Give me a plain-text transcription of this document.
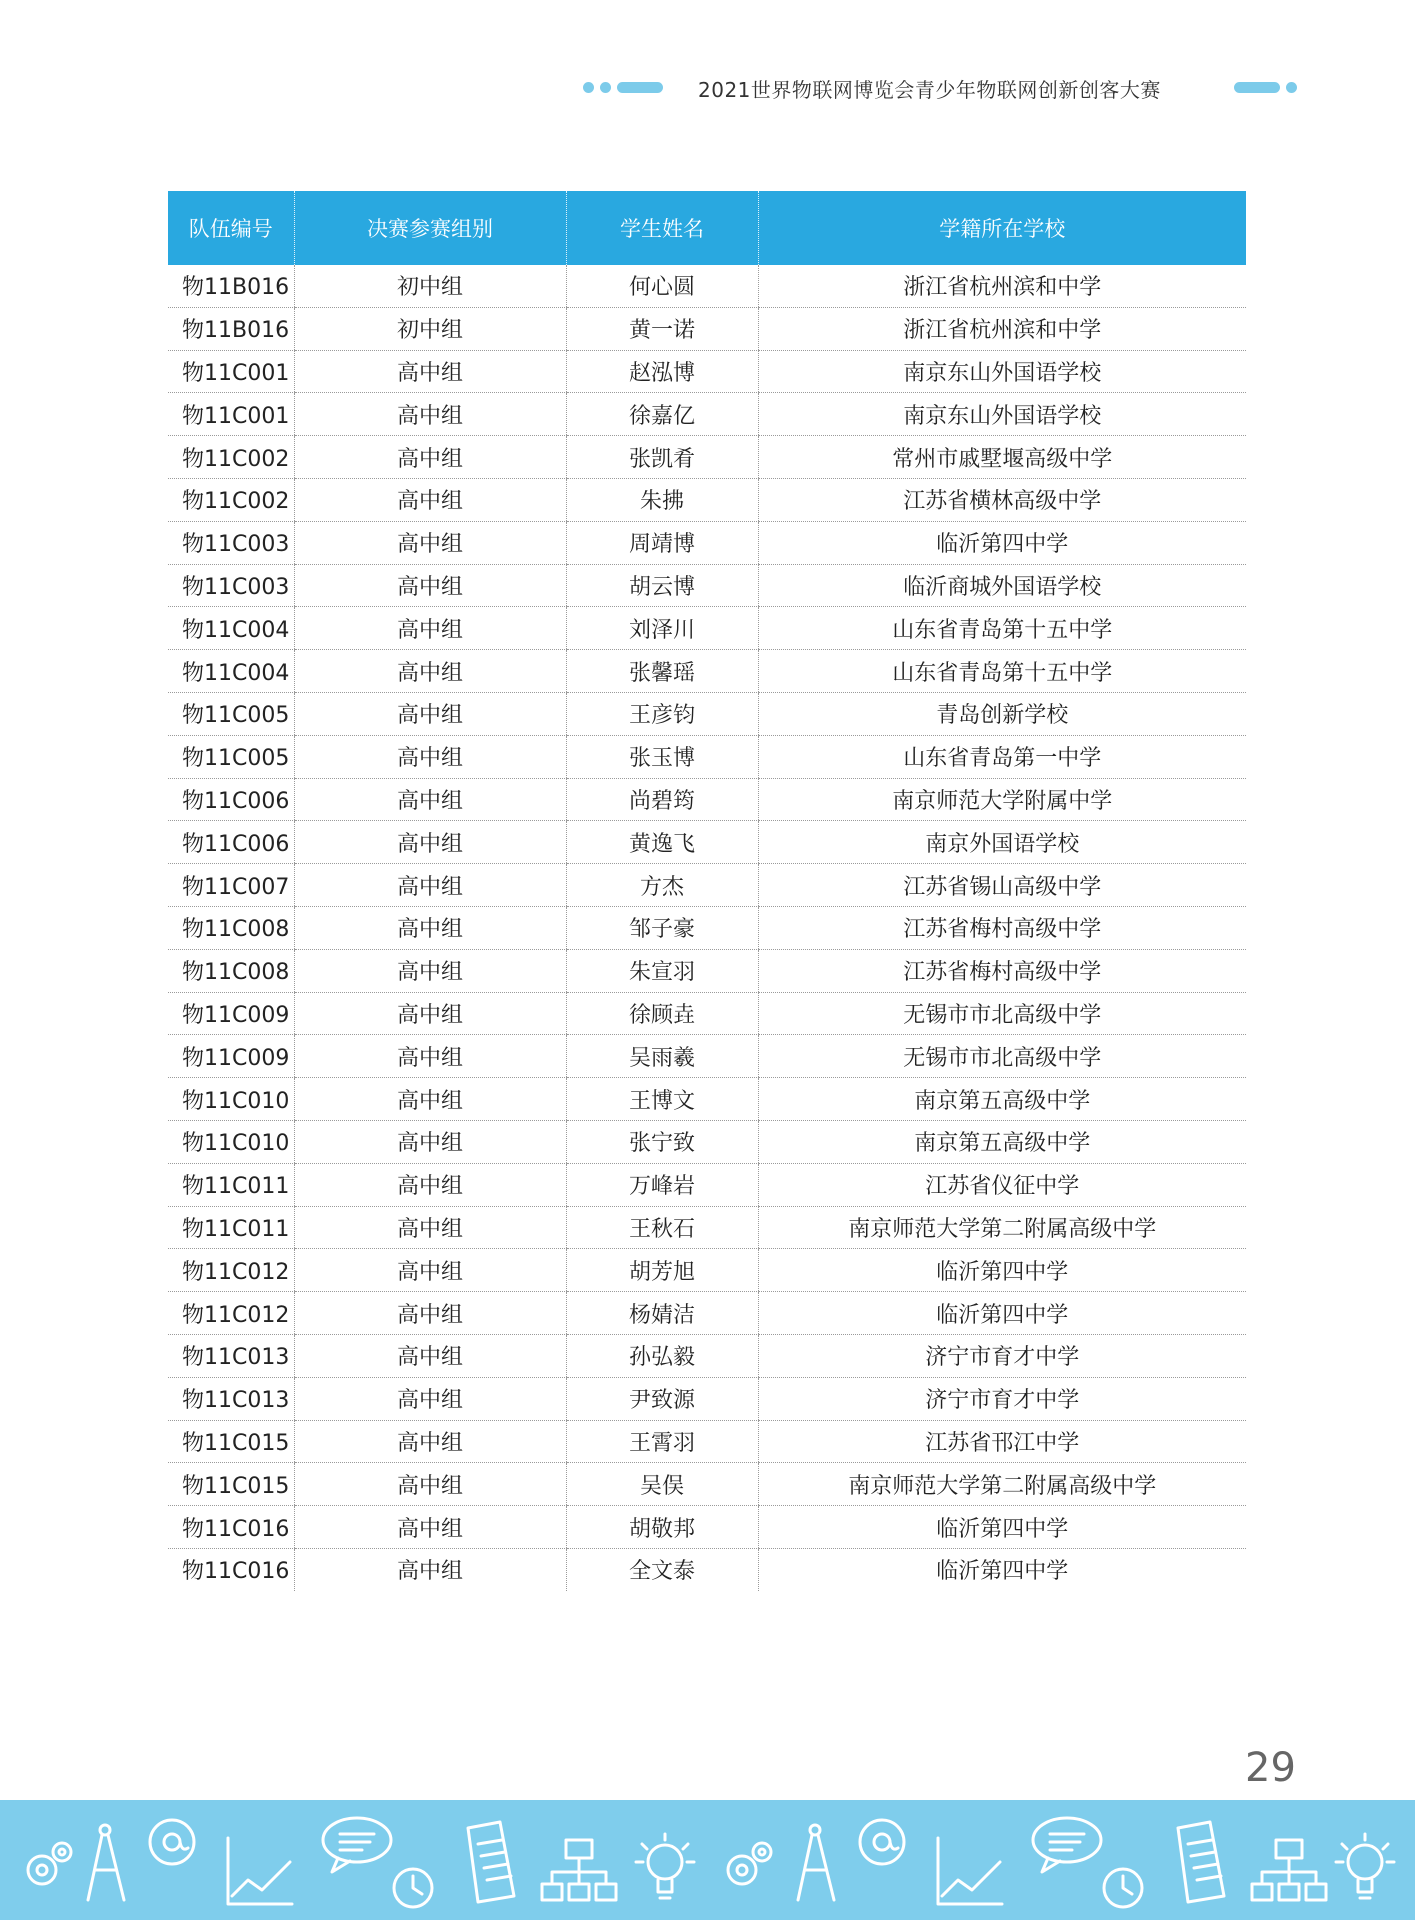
2021世界物联网博览会青少年物联网创新创客大赛
队伍编号	决赛参赛组别	学生姓名	学籍所在学校
物11B016	初中组	何心圆	浙江省杭州滨和中学
物11B016	初中组	黄一诺	浙江省杭州滨和中学
物11C001	高中组	赵泓博	南京东山外国语学校
物11C001	高中组	徐嘉亿	南京东山外国语学校
物11C002	高中组	张凯肴	常州市戚墅堰高级中学
物11C002	高中组	朱拂	江苏省横林高级中学
物11C003	高中组	周靖博	临沂第四中学
物11C003	高中组	胡云博	临沂商城外国语学校
物11C004	高中组	刘泽川	山东省青岛第十五中学
物11C004	高中组	张馨瑶	山东省青岛第十五中学
物11C005	高中组	王彦钧	青岛创新学校
物11C005	高中组	张玉博	山东省青岛第一中学
物11C006	高中组	尚碧筠	南京师范大学附属中学
物11C006	高中组	黄逸飞	南京外国语学校
物11C007	高中组	方杰	江苏省锡山高级中学
物11C008	高中组	邹子豪	江苏省梅村高级中学
物11C008	高中组	朱宣羽	江苏省梅村高级中学
物11C009	高中组	徐顾垚	无锡市市北高级中学
物11C009	高中组	吴雨羲	无锡市市北高级中学
物11C010	高中组	王博文	南京第五高级中学
物11C010	高中组	张宁致	南京第五高级中学
物11C011	高中组	万峰岩	江苏省仪征中学
物11C011	高中组	王秋石	南京师范大学第二附属高级中学
物11C012	高中组	胡芳旭	临沂第四中学
物11C012	高中组	杨婧洁	临沂第四中学
物11C013	高中组	孙弘毅	济宁市育才中学
物11C013	高中组	尹致源	济宁市育才中学
物11C015	高中组	王霄羽	江苏省邗江中学
物11C015	高中组	吴俣	南京师范大学第二附属高级中学
物11C016	高中组	胡敬邦	临沂第四中学
物11C016	高中组	全文泰	临沂第四中学
29
